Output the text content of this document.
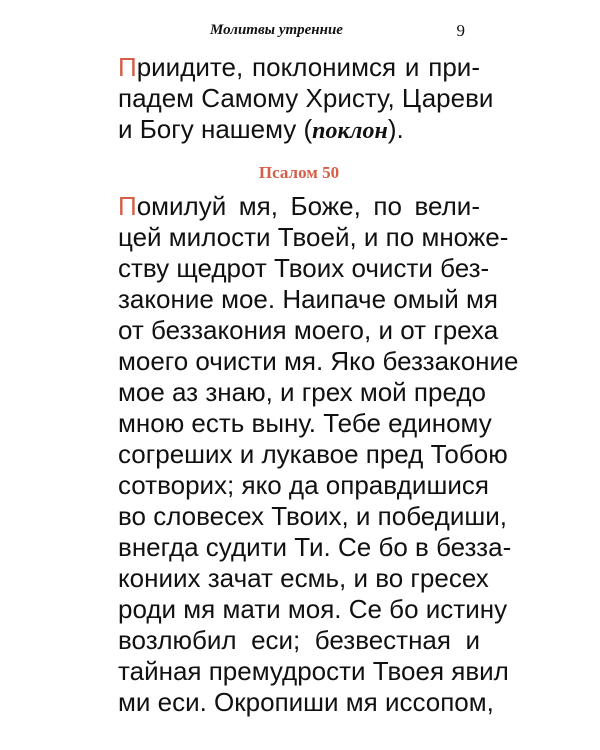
Молитвы утренние	9
Приидите, поклонимся и при-
падем Самому Христу, Цареви
и Богу нашему (поклон).
Псалом 50
Помилуй мя, Боже, по вели-
цей милости Твоей, и по множе-
ству щедрот Твоих очисти без-
законие мое. Наипаче омый мя
от беззакония моего, и от греха
моего очисти мя. Яко беззаконие
мое аз знаю, и грех мой предо
мною есть выну. Тебе единому
согреших и лукавое пред Тобою
сотворих; яко да оправдишися
во словесех Твоих, и победиши,
внегда судити Ти. Се бо в безза-
кониих зачат есмь, и во гресех
роди мя мати моя. Се бо истину
возлюбил еси; безвестная и
тайная премудрости Твоея явил
ми еси. Окропиши мя иссопом,
